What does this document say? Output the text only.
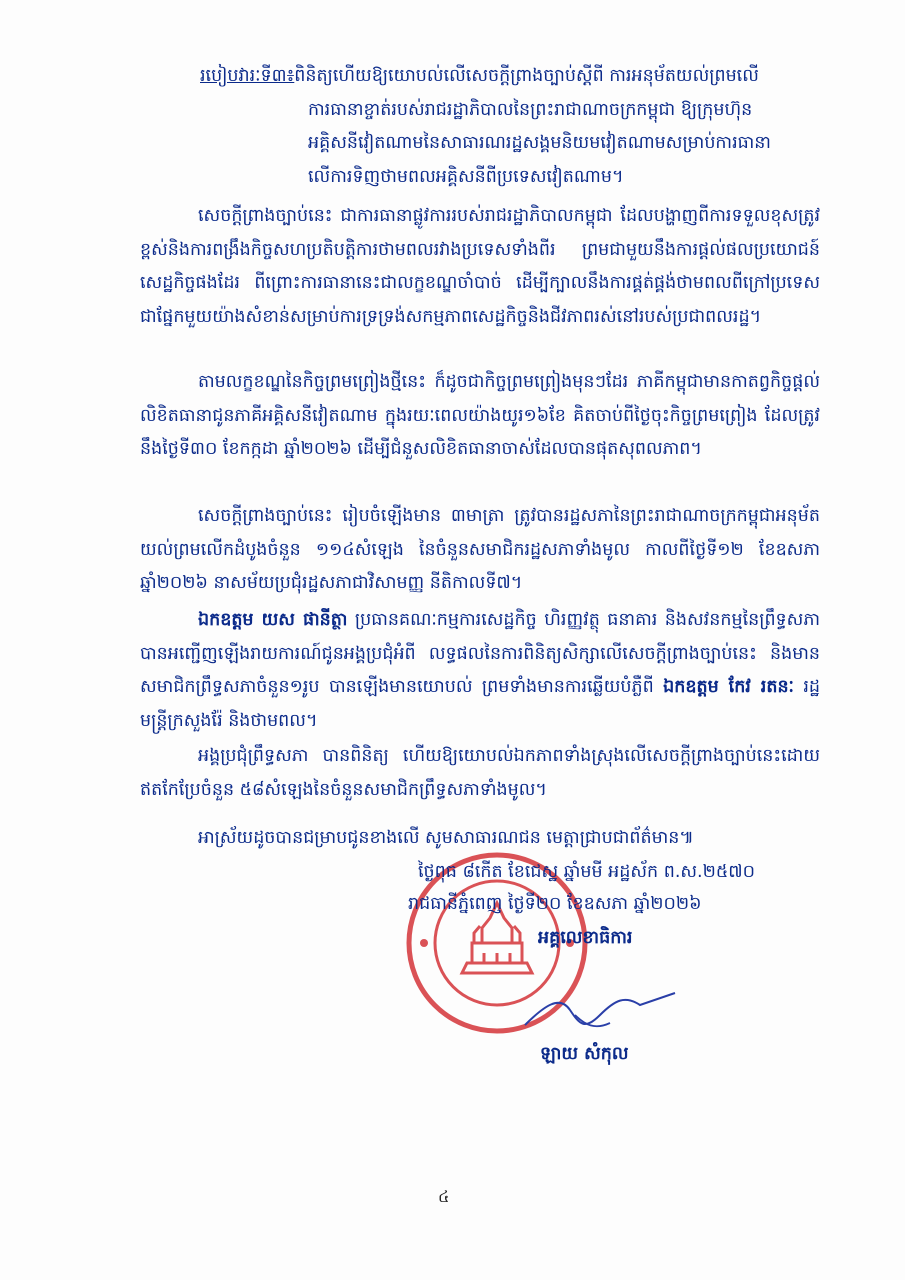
របៀបវារៈទី៣៖ពិនិត្យហើយឱ្យយោបល់លើសេចក្តីព្រាងច្បាប់ស្តីពី ការអនុម័តយល់ព្រមលើ
ការធានាខ្ចាត់របស់រាជរដ្ឋាភិបាលនៃព្រះរាជាណាចក្រកម្ពុជា ឱ្យក្រុមហ៊ុនអគ្គិសនីវៀតណាមនៃសាធារណរដ្ឋសង្គមនិយមវៀតណាមសម្រាប់ការធានាលើការទិញថាមពលអគ្គិសនីពីប្រទេសវៀតណាម។

សេចក្តីព្រាងច្បាប់នេះ ជាការធានាផ្លូវការរបស់រាជរដ្ឋាភិបាលកម្ពុជា ដែលបង្ហាញពីការទទួលខុសត្រូវខ្ពស់និងការពង្រឹងកិច្ចសហប្រតិបត្តិការថាមពលរវាងប្រទេសទាំងពីរ ព្រមជាមួយនឹងការផ្តល់ផលប្រយោជន៍សេដ្ឋកិច្ចផងដែរ ពីព្រោះការធានានេះជាលក្ខខណ្ឌចាំបាច់ ដើម្បីក្បាលនឹងការផ្គត់ផ្គង់ថាមពលពីក្រៅប្រទេស ជាផ្នែកមួយយ៉ាងសំខាន់សម្រាប់ការទ្រទ្រង់សកម្មភាពសេដ្ឋកិច្ចនិងជីវភាពរស់នៅរបស់ប្រជាពលរដ្ឋ។

តាមលក្ខខណ្ឌនៃកិច្ចព្រមព្រៀងថ្មីនេះ ក៏ដូចជាកិច្ចព្រមព្រៀងមុនៗដែរ ភាគីកម្ពុជាមានកាតព្វកិច្ចផ្តល់លិខិតធានាជូនភាគីអគ្គិសនីវៀតណាម ក្នុងរយៈពេលយ៉ាងយូរ១៦ខែ គិតចាប់ពីថ្ងៃចុះកិច្ចព្រមព្រៀង ដែលត្រូវនឹងថ្ងៃទី៣០ ខែកក្កដា ឆ្នាំ២០២៦ ដើម្បីជំនួសលិខិតធានាចាស់ដែលបានផុតសុពលភាព។

សេចក្តីព្រាងច្បាប់នេះ រៀបចំឡើងមាន ៣មាត្រា ត្រូវបានរដ្ឋសភានៃព្រះរាជាណាចក្រកម្ពុជាអនុម័តយល់ព្រមលើកដំបូងចំនួន ១១៤សំឡេង នៃចំនួនសមាជិករដ្ឋសភាទាំងមូល កាលពីថ្ងៃទី១២ ខែឧសភា ឆ្នាំ២០២៦ នាសម័យប្រជុំរដ្ឋសភាជាវិសាមញ្ញ នីតិកាលទី៧។

ឯកឧត្តម យស ផានីត្ថា ប្រធានគណៈកម្មការសេដ្ឋកិច្ច ហិរញ្ញវត្ថុ ធនាគារ និងសវនកម្មនៃព្រឹទ្ធសភា បានអញ្ជើញឡើងរាយការណ៍ជូនអង្គប្រជុំអំពី លទ្ធផលនៃការពិនិត្យសិក្សាលើសេចក្តីព្រាងច្បាប់នេះ និងមានសមាជិកព្រឹទ្ធសភាចំនួន១រូប បានឡើងមានយោបល់ ព្រមទាំងមានការឆ្លើយបំភ្លឺពី ឯកឧត្តម កែវ រតនៈ រដ្ឋមន្ត្រីក្រសួងរ៉ែ និងថាមពល។

អង្គប្រជុំព្រឹទ្ធសភា បានពិនិត្យ ហើយឱ្យយោបល់ឯកភាពទាំងស្រុងលើសេចក្តីព្រាងច្បាប់នេះដោយឥតកែប្រែចំនួន ៥៨សំឡេងនៃចំនួនសមាជិកព្រឹទ្ធសភាទាំងមូល។

អាស្រ័យដូចបានជម្រាបជូនខាងលើ សូមសាធារណជន មេត្តាជ្រាបជាព័ត៌មាន៕
ថ្ងៃពុធ ៨កើត ខែជេស្ឋ ឆ្នាំមមី អដ្ឋស័ក ព.ស.២៥៧០
រាជធានីភ្នំពេញ ថ្ងៃទី២០ ខែឧសភា ឆ្នាំ២០២៦
អគ្គលេខាធិការ
ឡាយ សំកុល
៤
